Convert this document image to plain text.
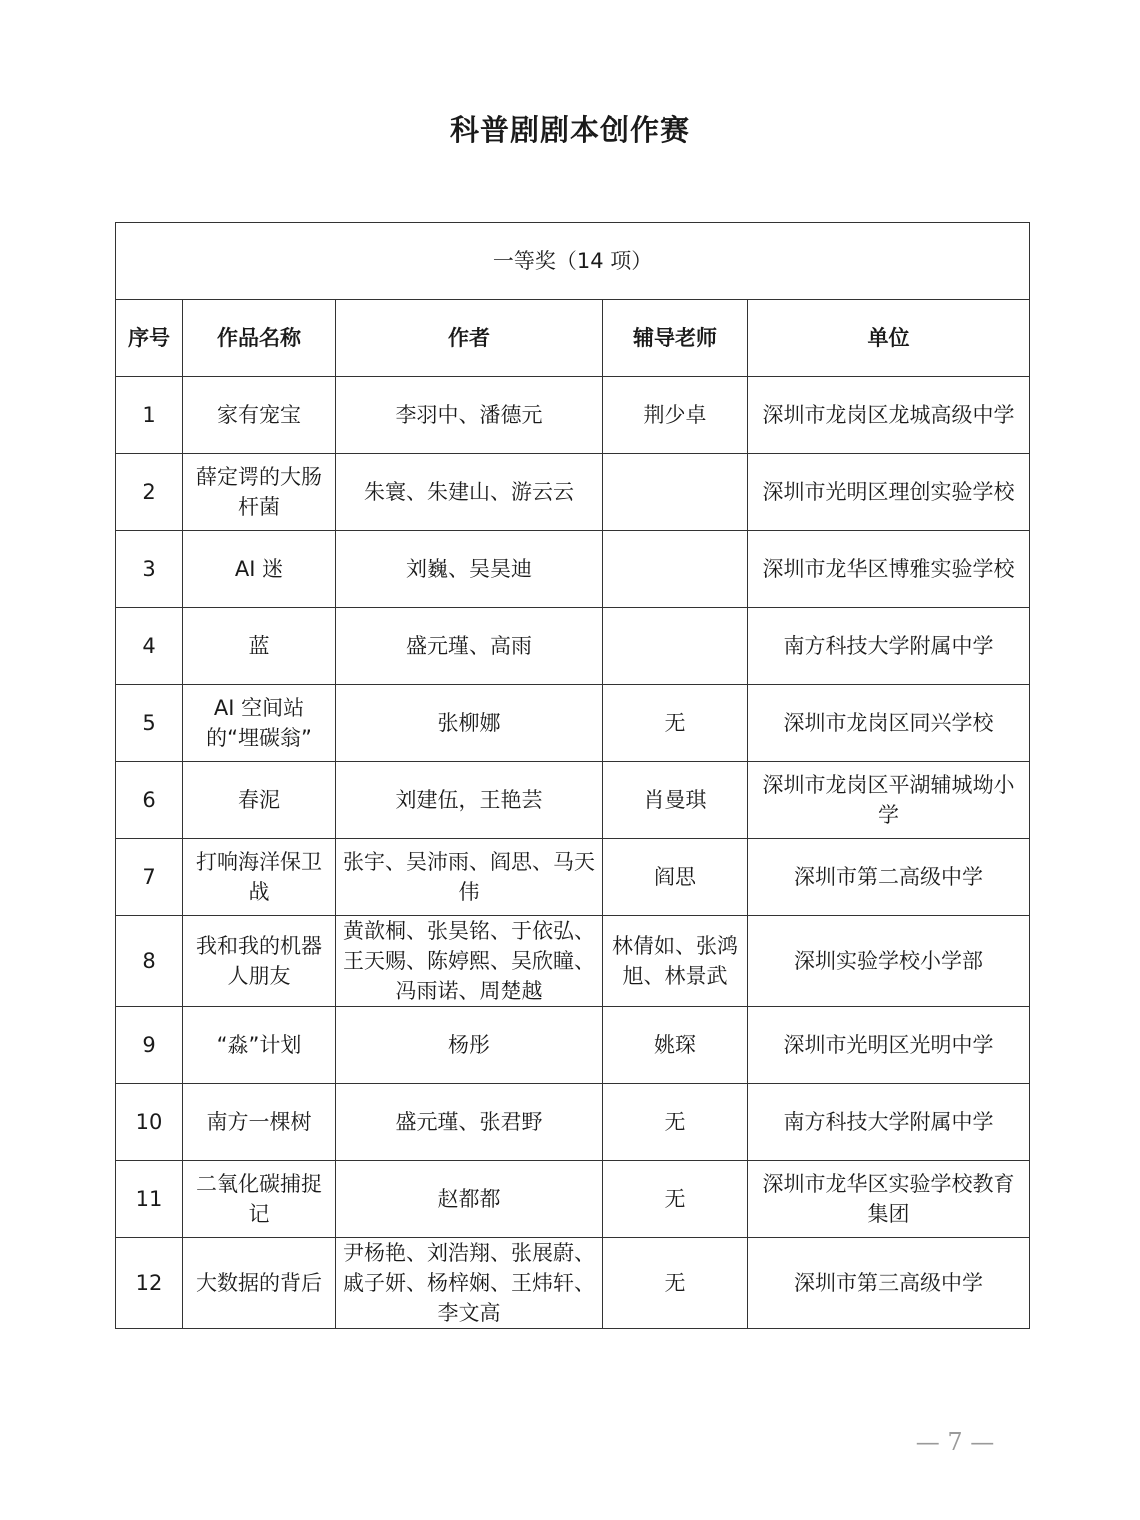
科普剧剧本创作赛
一等奖（14 项）				
序号	作品名称	作者	辅导老师	单位
1	家有宠宝	李羽中、潘德元	荆少卓	深圳市龙岗区龙城高级中学
2	薛定谔的大肠杆菌	朱寰、朱建山、游云云		深圳市光明区理创实验学校
3	AI 迷	刘巍、吴昊迪		深圳市龙华区博雅实验学校
4	蓝	盛元瑾、高雨		南方科技大学附属中学
5	AI 空间站的“埋碳翁”	张柳娜	无	深圳市龙岗区同兴学校
6	春泥	刘建伍，王艳芸	肖曼琪	深圳市龙岗区平湖辅城坳小学
7	打响海洋保卫战	张宇、吴沛雨、阎思、马天伟	阎思	深圳市第二高级中学
8	我和我的机器人朋友	黄歆桐、张昊铭、于依弘、王天赐、陈婷熙、吴欣瞳、冯雨诺、周楚越	林倩如、张鸿旭、林景武	深圳实验学校小学部
9	“淼”计划	杨彤	姚琛	深圳市光明区光明中学
10	南方一棵树	盛元瑾、张君野	无	南方科技大学附属中学
11	二氧化碳捕捉记	赵都都	无	深圳市龙华区实验学校教育集团
12	大数据的背后	尹杨艳、刘浩翔、张展蔚、戚子妍、杨梓娴、王炜轩、李文高	无	深圳市第三高级中学
— 7 —
